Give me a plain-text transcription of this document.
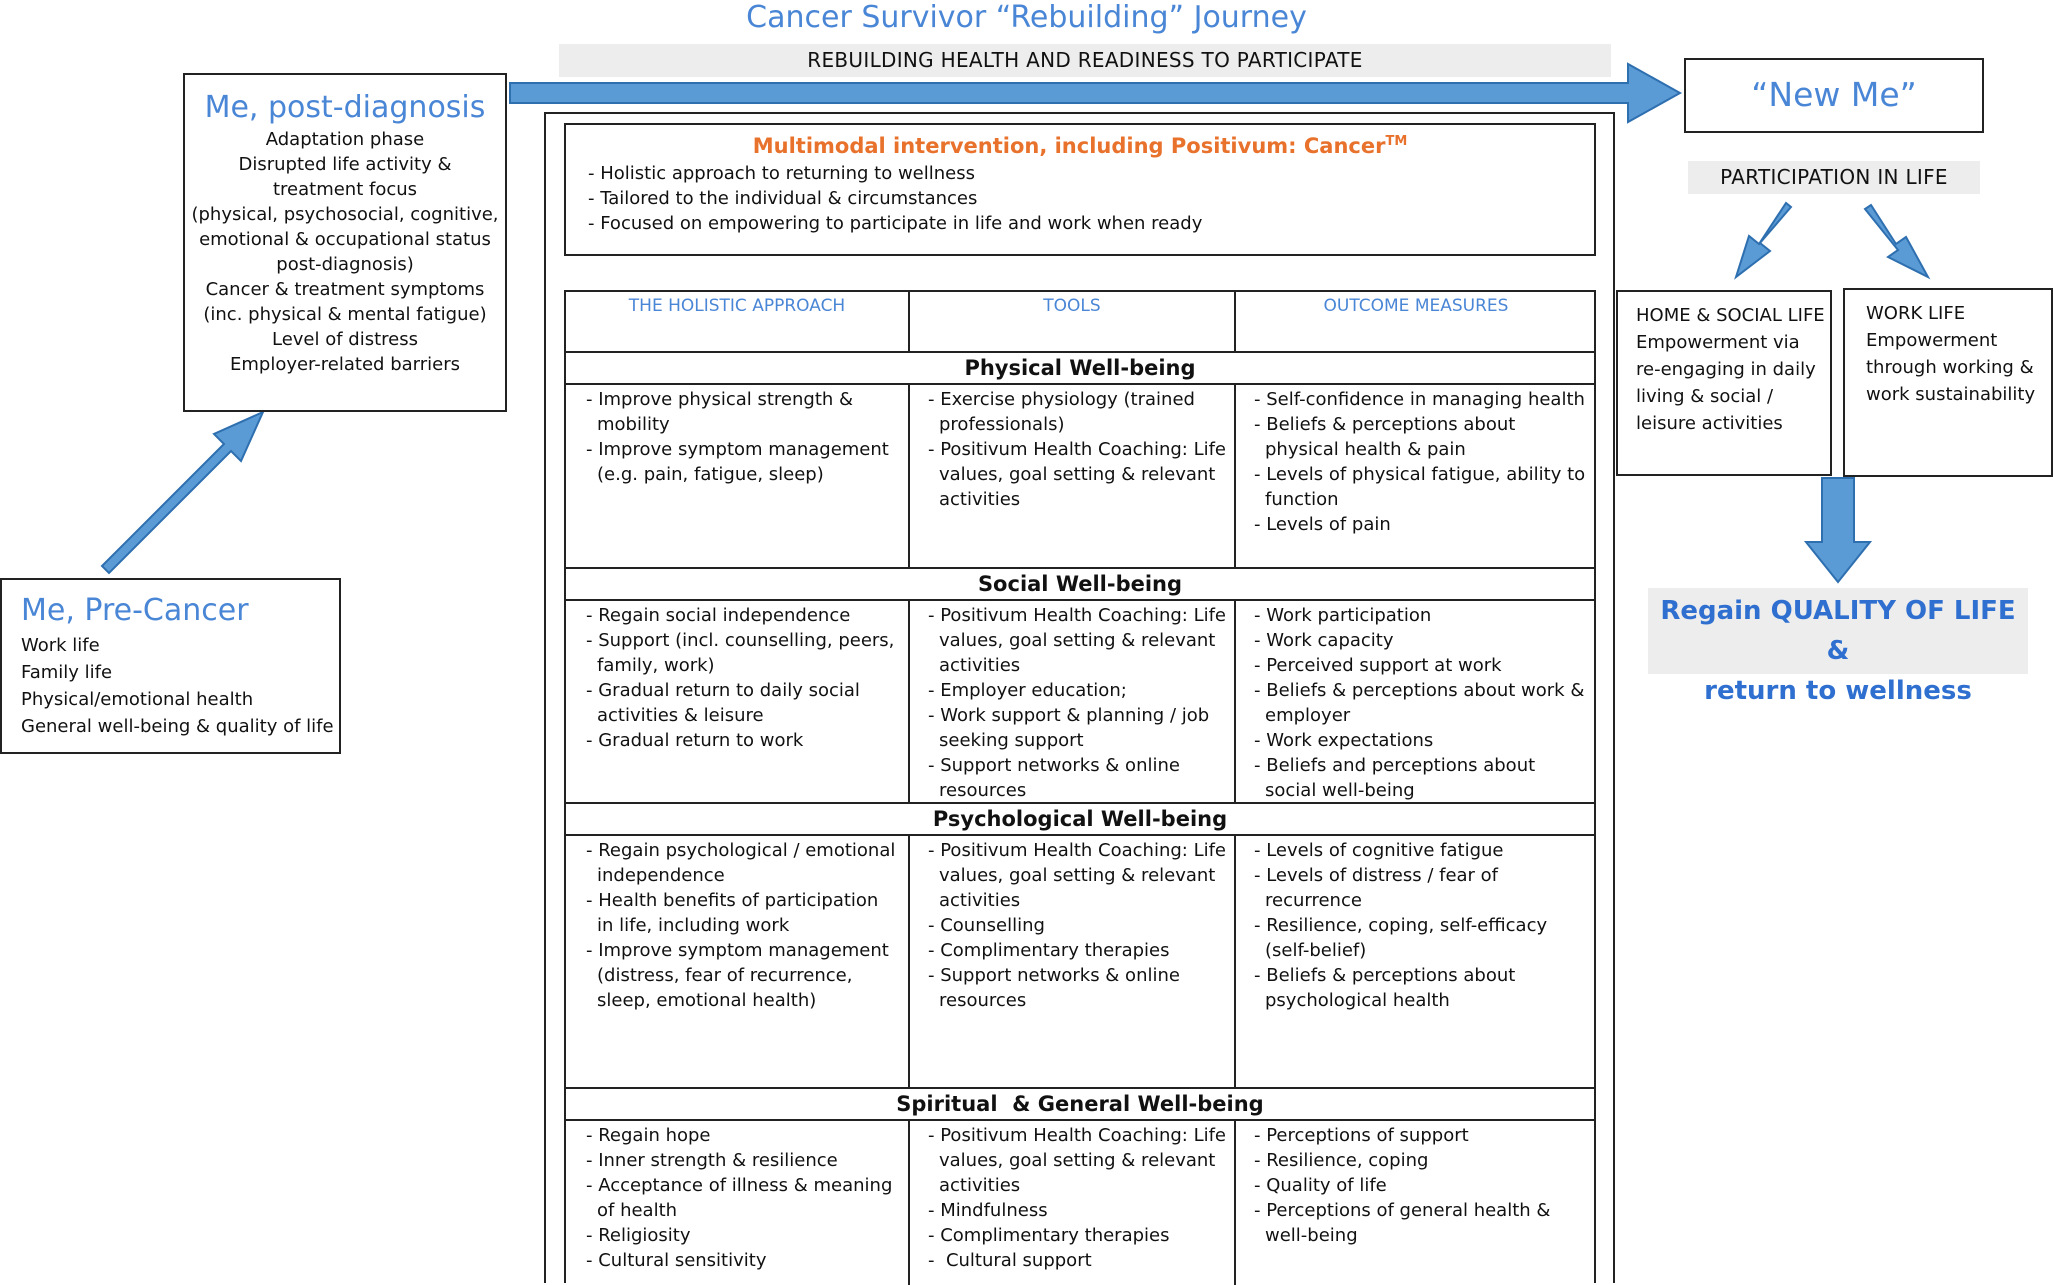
Cancer Survivor “Rebuilding” Journey
REBUILDING HEALTH AND READINESS TO PARTICIPATE
Me, Pre-Cancer
Work life
Family life
Physical/emotional health
General well-being & quality of life
Me, post-diagnosis
Adaptation phase
Disrupted life activity &
treatment focus
(physical, psychosocial, cognitive,
emotional & occupational status
post-diagnosis)
Cancer & treatment symptoms
(inc. physical & mental fatigue)
Level of distress
Employer-related barriers
Multimodal intervention, including Positivum: Cancer™
- Holistic approach to returning to wellness
- Tailored to the individual & circumstances
- Focused on empowering to participate in life and work when ready
THE HOLISTIC APPROACH	TOOLS	OUTCOME MEASURES
Physical Well-being
- Improve physical strength & mobility
- Improve symptom management (e.g. pain, fatigue, sleep)
- Exercise physiology (trained professionals)
- Positivum Health Coaching: Life values, goal setting & relevant activities
- Self-confidence in managing health
- Beliefs & perceptions about physical health & pain
- Levels of physical fatigue, ability to function
- Levels of pain
Social Well-being
- Regain social independence
- Support (incl. counselling, peers, family, work)
- Gradual return to daily social activities & leisure
- Gradual return to work
- Positivum Health Coaching: Life values, goal setting & relevant activities
- Employer education;
- Work support & planning / job seeking support
- Support networks & online resources
- Work participation
- Work capacity
- Perceived support at work
- Beliefs & perceptions about work & employer
- Work expectations
- Beliefs and perceptions about social well-being
Psychological Well-being
- Regain psychological / emotional independence
- Health benefits of participation in life, including work
- Improve symptom management (distress, fear of recurrence, sleep, emotional health)
- Positivum Health Coaching: Life values, goal setting & relevant activities
- Counselling
- Complimentary therapies
- Support networks & online resources
- Levels of cognitive fatigue
- Levels of distress / fear of recurrence
- Resilience, coping, self-efficacy (self-belief)
- Beliefs & perceptions about psychological health
Spiritual  & General Well-being
- Regain hope
- Inner strength & resilience
- Acceptance of illness & meaning of health
- Religiosity
- Cultural sensitivity
- Positivum Health Coaching: Life values, goal setting & relevant activities
- Mindfulness
- Complimentary therapies
-  Cultural support
- Perceptions of support
- Resilience, coping
- Quality of life
- Perceptions of general health & well-being
“New Me”
PARTICIPATION IN LIFE
HOME & SOCIAL LIFE
Empowerment via
re-engaging in daily
living & social /
leisure activities
WORK LIFE
Empowerment
through working &
work sustainability
Regain QUALITY OF LIFE &
return to wellness
